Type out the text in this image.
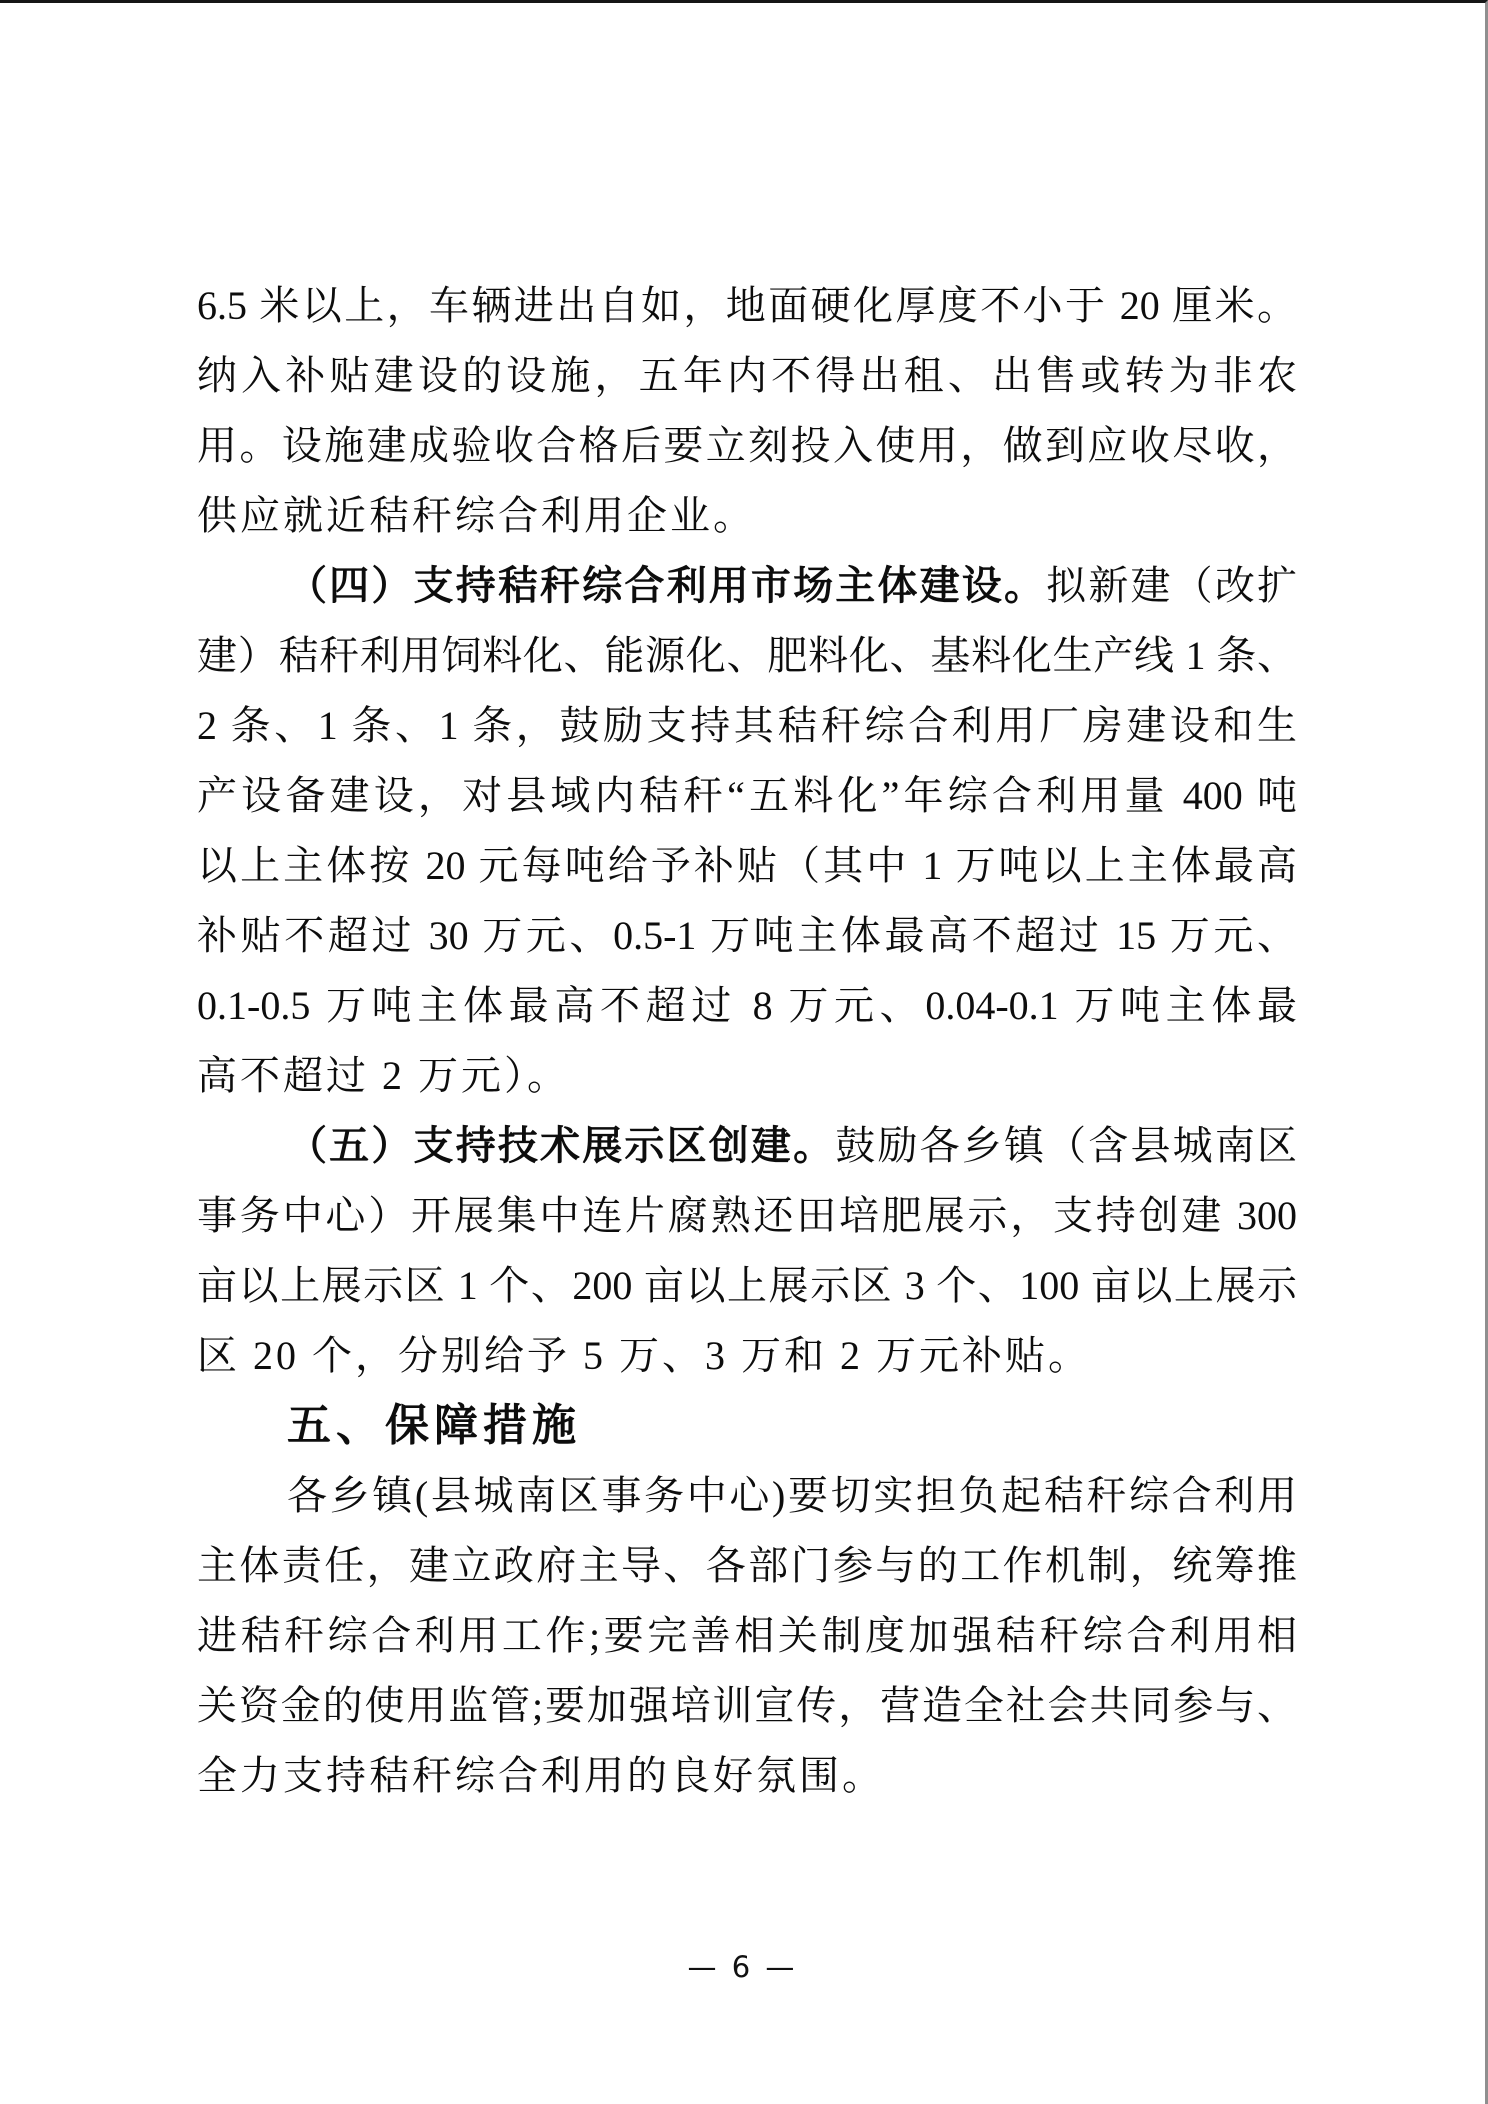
6.5 米以上，车辆进出自如，地面硬化厚度不小于 20 厘米。
纳入补贴建设的设施，五年内不得出租、出售或转为非农
用。设施建成验收合格后要立刻投入使用，做到应收尽收，
供应就近秸秆综合利用企业。
（四）支持秸秆综合利用市场主体建设。拟新建（改扩
建）秸秆利用饲料化、能源化、肥料化、基料化生产线 1 条、
2 条、1 条、1 条，鼓励支持其秸秆综合利用厂房建设和生
产设备建设，对县域内秸秆“五料化”年综合利用量 400 吨
以上主体按 20 元每吨给予补贴（其中 1 万吨以上主体最高
补贴不超过 30 万元、0.5-1 万吨主体最高不超过 15 万元、
0.1-0.5 万吨主体最高不超过 8 万元、0.04-0.1 万吨主体最
高不超过 2 万元）。
（五）支持技术展示区创建。鼓励各乡镇（含县城南区
事务中心）开展集中连片腐熟还田培肥展示，支持创建 300
亩以上展示区 1 个、200 亩以上展示区 3 个、100 亩以上展示
区 20 个，分别给予 5 万、3 万和 2 万元补贴。
五、保障措施
各乡镇(县城南区事务中心)要切实担负起秸秆综合利用
主体责任，建立政府主导、各部门参与的工作机制，统筹推
进秸秆综合利用工作;要完善相关制度加强秸秆综合利用相
关资金的使用监管;要加强培训宣传，营造全社会共同参与、
全力支持秸秆综合利用的良好氛围。
— 6 —
